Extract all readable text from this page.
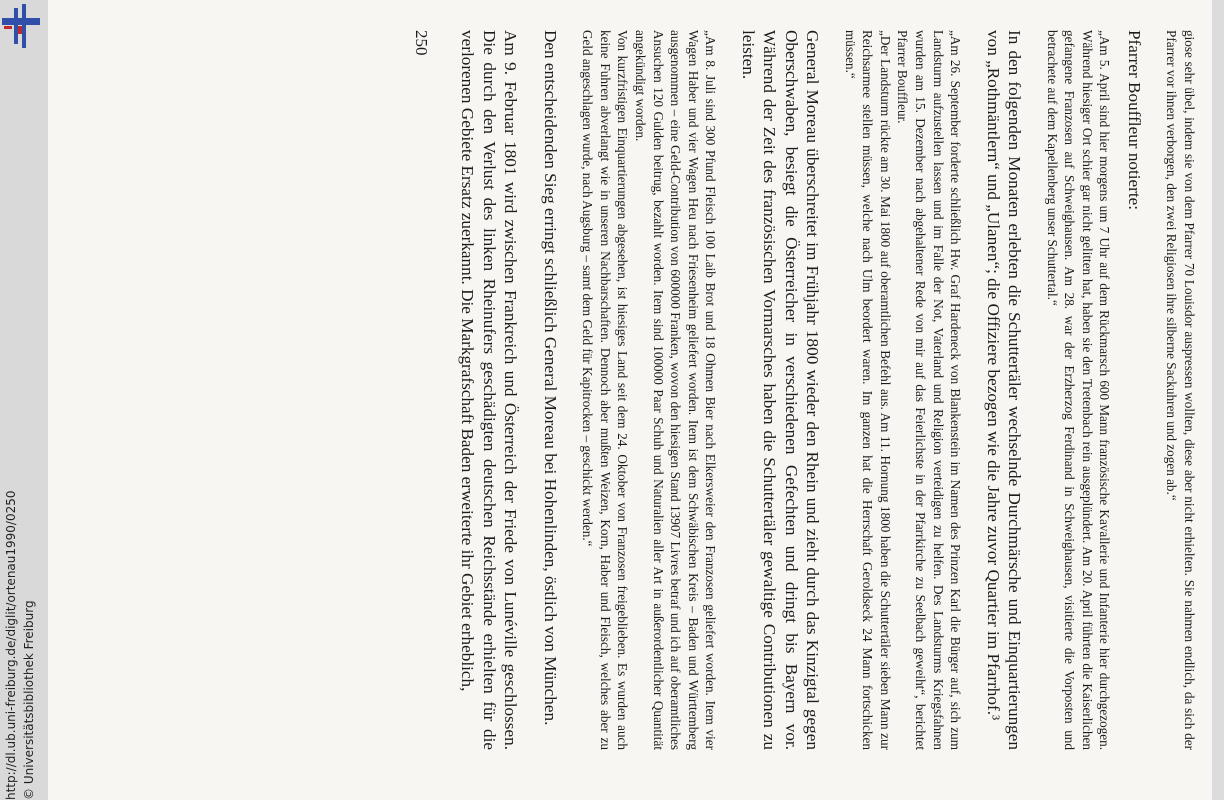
http://dl.ub.uni-freiburg.de/diglit/ortenau1990/0250 © Universitätsbibliothek Freiburg	giose sehr übel, indem sie von dem Pfarrer 70 Louisdor auspressen wollten, diese aber nicht erhielten. Sie nahmen endlich, da sich der Pfarrer vor ihnen verborgen, den zwei Religiosen ihre silberne Sackuhren und zogen ab.“

Pfarrer Bouffleur notierte:

„Am 5. April sind hier morgens um 7 Uhr auf dem Rückmarsch 600 Mann französische Kavallerie und Infanterie hier durchgezogen. Während hiesiger Ort schier gar nicht gelitten hat, haben sie den Tretenbach rein ausgeplündert. Am 20. April führten die Kaiserlichen gefangene Franzosen auf Schweighausen. Am 28. war der Erzherzog Ferdinand in Schweighausen, visitierte die Vorposten und betrachete auf dem Kapellenberg unser Schuttertal.“

In den folgenden Monaten erlebten die Schuttertäler wechselnde Durchmärsche und Einquartierungen von „Rothmäntlern“ und „Ulanen“; die Offiziere bezogen wie die Jahre zuvor Quartier im Pfarrhof.³

„Am 26. September forderte schließlich Hw. Graf Hardeneck von Blankenstein im Namen des Prinzen Karl die Bürger auf, sich zum Landsturm aufzustellen lassen und im Falle der Not, Vaterland und Religion verteidigen zu helfen. Des Landsturms Kriegsfahnen wurden am 15. Dezember nach abgehaltener Rede von mir auf das Feierlichste in der Pfarrkirche zu Seelbach geweiht“, berichtet Pfarrer Bouffleur.

„Der Landsturm rückte am 30. Mai 1800 auf oberamtlichen Befehl aus. Am 11. Hornung 1800 haben die Schuttertäler sieben Mann zur Reichsarmee stellen müssen, welche nach Ulm beordert waren. Im ganzen hat die Herrschaft Geroldseck 24 Mann fortschicken müssen.“

General Moreau überschreitet im Frühjahr 1800 wieder den Rhein und zieht durch das Kinzigtal gegen Oberschwaben, besiegt die Österreicher in verschiedenen Gefechten und dringt bis Bayern vor. Während der Zeit des französischen Vormarsches haben die Schuttertäler gewaltige Contributionen zu leisten.

„Am 8. Juli sind 300 Pfund Fleisch 100 Laib Brot und 18 Ohmen Bier nach Elkersweier den Franzosen geliefert worden. Item vier Wagen Haber und vier Wagen Heu nach Friesenheim geliefert worden. Item ist dem Schwäbischen Kreis – Baden und Württemberg ausgenommen – eine Geld-Contribution von 600000 Franken, wovon den hiesigen Stand 13907 Livres betraf und ich auf oberamtliches Ansuchen 120 Gulden beitrug, bezahlt worden. Item sind 100000 Paar Schuh und Naturalien aller Art in außerordentlicher Quantität angekündigt worden.

Von kurzfristigen Einquartierungen abgesehen, ist hiesiges Land seit dem 24. Oktober von Franzosen freigeblieben. Es wurden auch keine Fuhren abverlangt wie in unseren Nachbarschaften. Dennoch aber mußten Weizen, Korn, Haber und Fleisch, welches aber zu Geld angeschlagen wurde, nach Augsburg – samt dem Geld für Kapitrocken – geschickt werden.“

Den entscheidenden Sieg erringt schließlich General Moreau bei Hohenlinden, östlich von München.

Am 9. Februar 1801 wird zwischen Frankreich und Österreich der Friede von Lunéville geschlossen. Die durch den Verlust des linken Rheinufers geschädigten deutschen Reichsstände erhielten für die verlorenen Gebiete Ersatz zuerkannt. Die Markgrafschaft Baden erweiterte ihr Gebiet erheblich,

250
